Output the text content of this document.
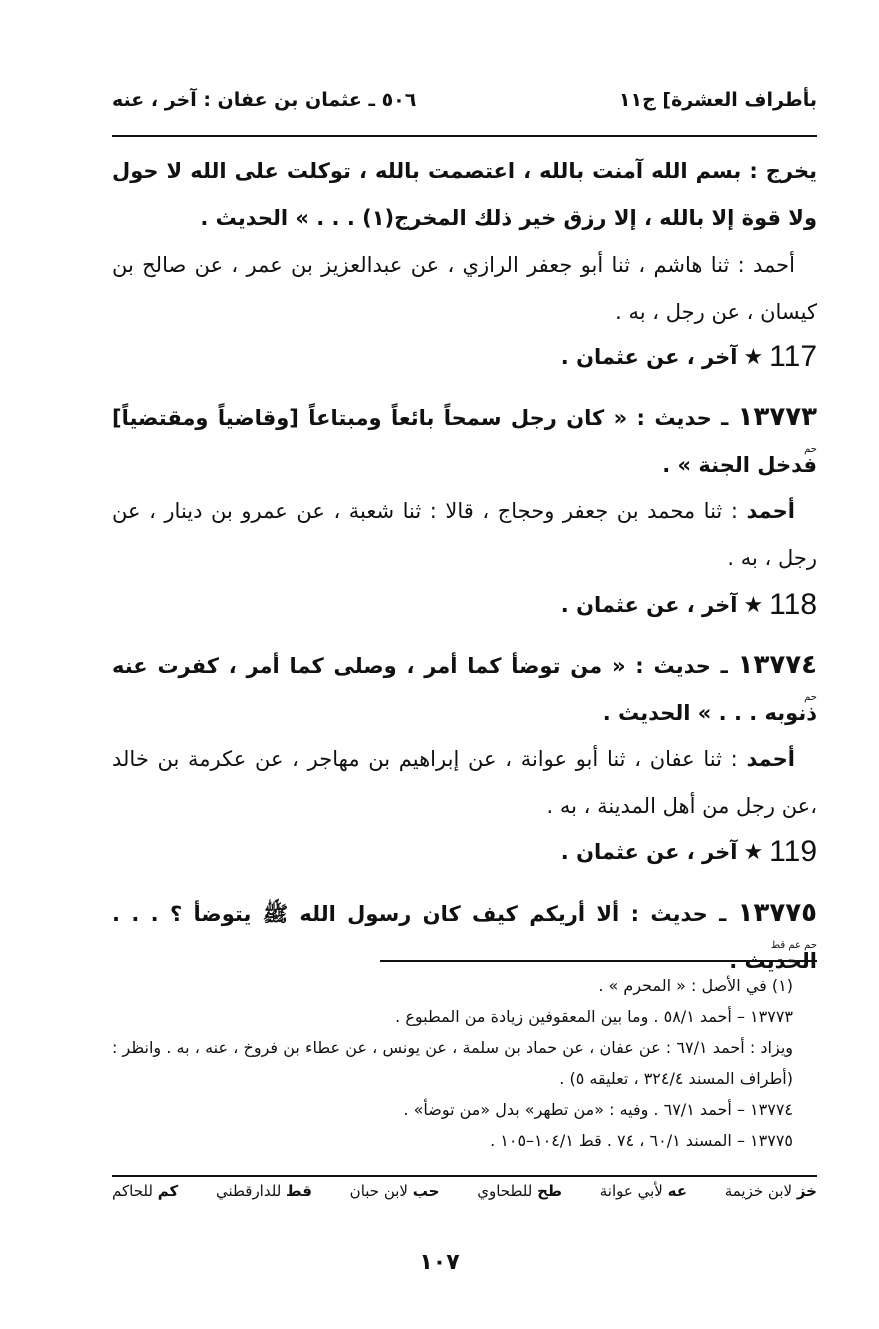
٥٠٦ ـ عثمان بن عفان : آخر ، عنه	بأطراف العشرة] ج١١
يخرج : بسم الله آمنت بالله ، اعتصمت بالله ، توكلت على الله لا حول ولا قوة إلا بالله ، إلا رزق خير ذلك المخرج(١) . . . » الحديث .
أحمد : ثنا هاشم ، ثنا أبو جعفر الرازي ، عن عبدالعزيز بن عمر ، عن صالح بن كيسان ، عن رجل ، به .
117
★
آخر ، عن عثمان .
١٣٧٧٣
حم
ـ حديث : « كان رجل سمحاً بائعاً ومبتاعاً [وقاضياً ومقتضياً] فدخل الجنة » .
أحمد : ثنا محمد بن جعفر وحجاج ، قالا : ثنا شعبة ، عن عمرو بن دينار ، عن رجل ، به .
118
★
آخر ، عن عثمان .
١٣٧٧٤
حم
ـ حديث : « من توضأ كما أمر ، وصلى كما أمر ، كفرت عنه ذنوبه . . . » الحديث .
أحمد : ثنا عفان ، ثنا أبو عوانة ، عن إبراهيم بن مهاجر ، عن عكرمة بن خالد ،عن رجل من أهل المدينة ، به .
119
★
آخر ، عن عثمان .
١٣٧٧٥
حم عم قط
ـ حديث : ألا أريكم كيف كان رسول الله ﷺ يتوضأ ؟ . . . الحديث .
(١) في الأصل : « المحرم » .
١٣٧٧٣ – أحمد ٥٨/١ . وما بين المعقوفين زيادة من المطبوع .
ويزاد : أحمد ٦٧/١ : عن عفان ، عن حماد بن سلمة ، عن يونس ، عن عطاء بن فروخ ، عنه ، به . وانظر : (أطراف المسند ٣٢٤/٤ ، تعليقه ٥) .
١٣٧٧٤ – أحمد ٦٧/١ . وفيه : «من تطهر» بدل «من توضأ» .
١٣٧٧٥ – المسند ٦٠/١ ، ٧٤ . قط ١٠٤/١–١٠٥ .
خز لابن خزيمة
عه لأبي عوانة
طح للطحاوي
حب لابن حبان
قط للدارقطني
كم للحاكم
١٠٧
